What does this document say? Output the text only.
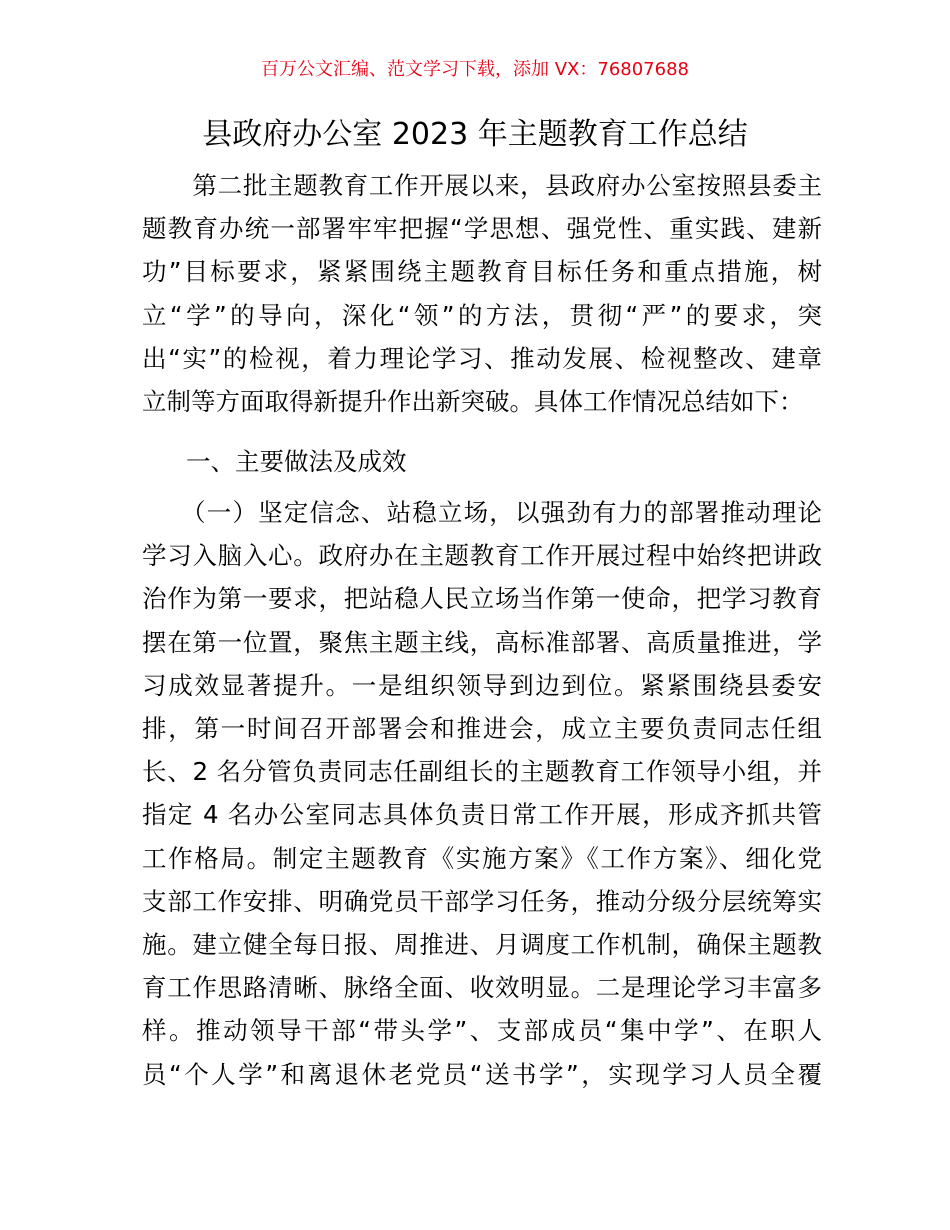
百万公文汇编、范文学习下载，添加 VX：76807688
县政府办公室 2023 年主题教育工作总结
　　第二批主题教育工作开展以来，县政府办公室按照县委主
题教育办统一部署牢牢把握“学思想、强党性、重实践、建新
功”目标要求，紧紧围绕主题教育目标任务和重点措施，树
立“学”的导向，深化“领”的方法，贯彻“严”的要求，突
出“实”的检视，着力理论学习、推动发展、检视整改、建章
立制等方面取得新提升作出新突破。具体工作情况总结如下：
一、主要做法及成效
　　（一）坚定信念、站稳立场，以强劲有力的部署推动理论
学习入脑入心。政府办在主题教育工作开展过程中始终把讲政
治作为第一要求，把站稳人民立场当作第一使命，把学习教育
摆在第一位置，聚焦主题主线，高标准部署、高质量推进，学
习成效显著提升。一是组织领导到边到位。紧紧围绕县委安
排，第一时间召开部署会和推进会，成立主要负责同志任组
长、2 名分管负责同志任副组长的主题教育工作领导小组，并
指定 4 名办公室同志具体负责日常工作开展，形成齐抓共管
工作格局。制定主题教育《实施方案》《工作方案》、细化党
支部工作安排、明确党员干部学习任务，推动分级分层统筹实
施。建立健全每日报、周推进、月调度工作机制，确保主题教
育工作思路清晰、脉络全面、收效明显。二是理论学习丰富多
样。推动领导干部“带头学”、支部成员“集中学”、在职人
员“个人学”和离退休老党员“送书学”，实现学习人员全覆
